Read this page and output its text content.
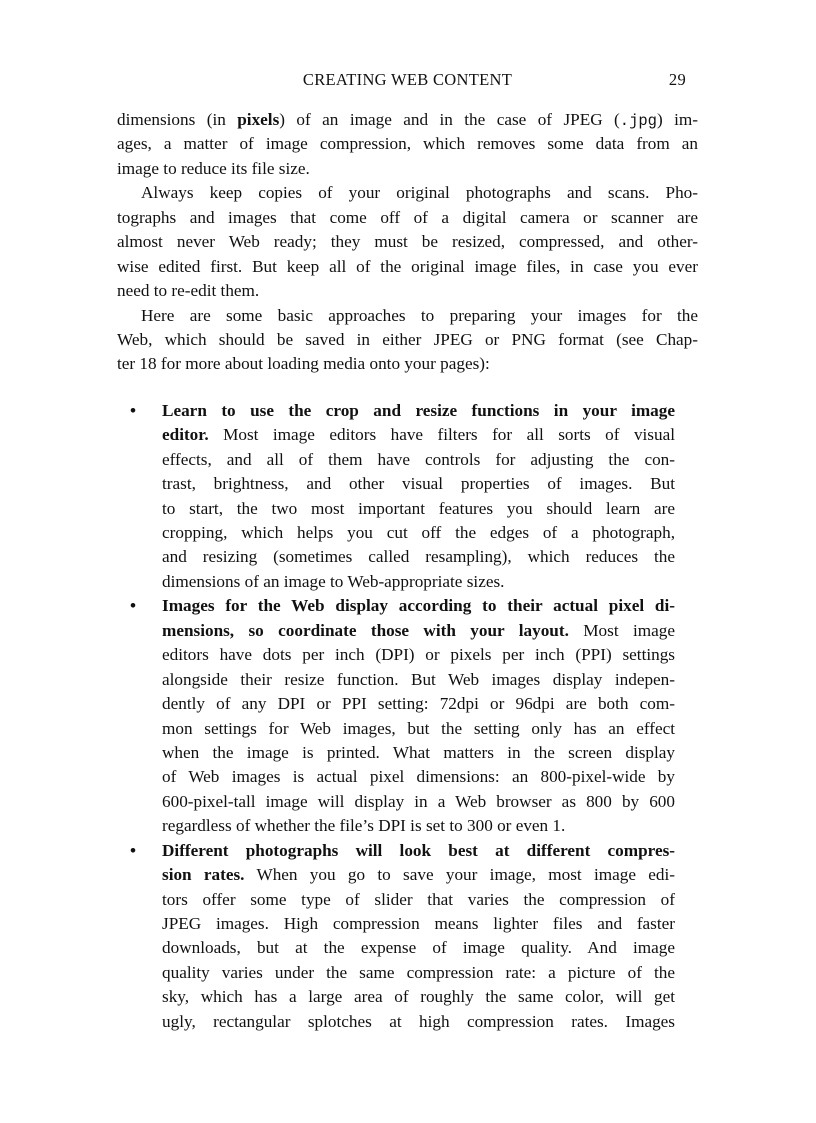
CREATING WEB CONTENT	29
dimensions (in pixels) of an image and in the case of JPEG (.jpg) im-
ages, a matter of image compression, which removes some data from an
image to reduce its file size.
Always keep copies of your original photographs and scans. Pho-
tographs and images that come off of a digital camera or scanner are
almost never Web ready; they must be resized, compressed, and other-
wise edited first. But keep all of the original image files, in case you ever
need to re-edit them.
Here are some basic approaches to preparing your images for the
Web, which should be saved in either JPEG or PNG format (see Chap-
ter 18 for more about loading media onto your pages):
• Learn to use the crop and resize functions in your image
editor. Most image editors have filters for all sorts of visual
effects, and all of them have controls for adjusting the con-
trast, brightness, and other visual properties of images. But
to start, the two most important features you should learn are
cropping, which helps you cut off the edges of a photograph,
and resizing (sometimes called resampling), which reduces the
dimensions of an image to Web-appropriate sizes.
• Images for the Web display according to their actual pixel di-
mensions, so coordinate those with your layout. Most image
editors have dots per inch (DPI) or pixels per inch (PPI) settings
alongside their resize function. But Web images display indepen-
dently of any DPI or PPI setting: 72dpi or 96dpi are both com-
mon settings for Web images, but the setting only has an effect
when the image is printed. What matters in the screen display
of Web images is actual pixel dimensions: an 800-pixel-wide by
600-pixel-tall image will display in a Web browser as 800 by 600
regardless of whether the file’s DPI is set to 300 or even 1.
• Different photographs will look best at different compres-
sion rates. When you go to save your image, most image edi-
tors offer some type of slider that varies the compression of
JPEG images. High compression means lighter files and faster
downloads, but at the expense of image quality. And image
quality varies under the same compression rate: a picture of the
sky, which has a large area of roughly the same color, will get
ugly, rectangular splotches at high compression rates. Images
